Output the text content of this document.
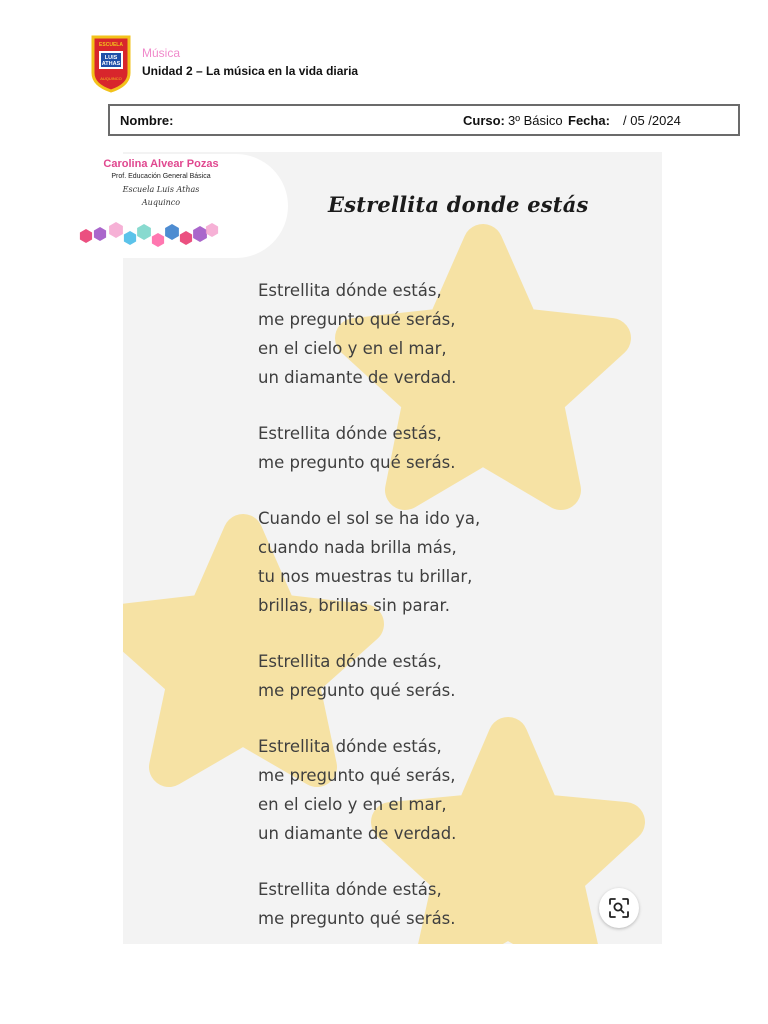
ESCUELA
LUIS
ATHAS
AUQUINCO
Música
Unidad 2 – La música en la vida diaria
Nombre:	Curso: 3º Básico Fecha: / 05 /2024
Estrellita donde estás
Estrellita dónde estás,
me pregunto qué serás,
en el cielo y en el mar,
un diamante de verdad.
Estrellita dónde estás,
me pregunto qué serás.
Cuando el sol se ha ido ya,
cuando nada brilla más,
tu nos muestras tu brillar,
brillas, brillas sin parar.
Estrellita dónde estás,
me pregunto qué serás.
Estrellita dónde estás,
me pregunto qué serás,
en el cielo y en el mar,
un diamante de verdad.
Estrellita dónde estás,
me pregunto qué serás.
Carolina Alvear Pozas
Prof. Educación General Básica
Escuela Luis Athas
Auquinco
